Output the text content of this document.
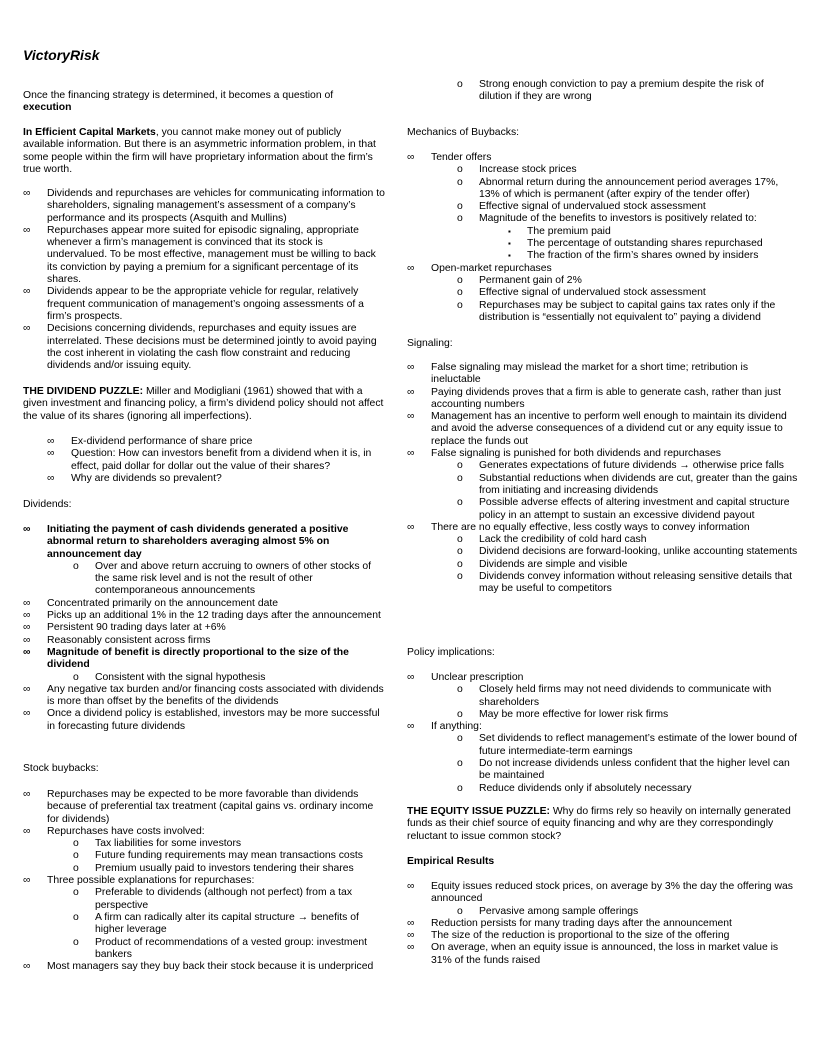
VictoryRisk
Once the financing strategy is determined, it becomes a question of
execution
In Efficient Capital Markets, you cannot make money out of publicly available information. But there is an asymmetric information problem, in that some people within the firm will have proprietary information about the firm’s true worth.
∞ Dividends and repurchases are vehicles for communicating information to shareholders, signaling management’s assessment of a company’s performance and its prospects (Asquith and Mullins)
∞ Repurchases appear more suited for episodic signaling, appropriate whenever a firm’s management is convinced that its stock is undervalued. To be most effective, management must be willing to back its conviction by paying a premium for a significant percentage of its shares.
∞ Dividends appear to be the appropriate vehicle for regular, relatively frequent communication of management’s ongoing assessments of a firm’s prospects.
∞ Decisions concerning dividends, repurchases and equity issues are interrelated. These decisions must be determined jointly to avoid paying the cost inherent in violating the cash flow constraint and reducing dividends and/or issuing equity.
THE DIVIDEND PUZZLE: Miller and Modigliani (1961) showed that with a given investment and financing policy, a firm’s dividend policy should not affect the value of its shares (ignoring all imperfections).
∞ Ex-dividend performance of share price
∞ Question: How can investors benefit from a dividend when it is, in effect, paid dollar for dollar out the value of their shares?
∞ Why are dividends so prevalent?
Dividends:
∞ Initiating the payment of cash dividends generated a positive abnormal return to shareholders averaging almost 5% on announcement day
o Over and above return accruing to owners of other stocks of the same risk level and is not the result of other contemporaneous announcements
∞ Concentrated primarily on the announcement date
∞ Picks up an additional 1% in the 12 trading days after the announcement
∞ Persistent 90 trading days later at +6%
∞ Reasonably consistent across firms
∞ Magnitude of benefit is directly proportional to the size of the dividend
o Consistent with the signal hypothesis
∞ Any negative tax burden and/or financing costs associated with dividends is more than offset by the benefits of the dividends
∞ Once a dividend policy is established, investors may be more successful in forecasting future dividends
Stock buybacks:
∞ Repurchases may be expected to be more favorable than dividends because of preferential tax treatment (capital gains vs. ordinary income for dividends)
∞ Repurchases have costs involved:
o Tax liabilities for some investors
o Future funding requirements may mean transactions costs
o Premium usually paid to investors tendering their shares
∞ Three possible explanations for repurchases:
o Preferable to dividends (although not perfect) from a tax perspective
o A firm can radically alter its capital structure → benefits of higher leverage
o Product of recommendations of a vested group: investment bankers
∞ Most managers say they buy back their stock because it is underpriced
o Strong enough conviction to pay a premium despite the risk of dilution if they are wrong
Mechanics of Buybacks:
∞ Tender offers
o Increase stock prices
o Abnormal return during the announcement period averages 17%, 13% of which is permanent (after expiry of the tender offer)
o Effective signal of undervalued stock assessment
o Magnitude of the benefits to investors is positively related to:
▪ The premium paid
▪ The percentage of outstanding shares repurchased
▪ The fraction of the firm’s shares owned by insiders
∞ Open-market repurchases
o Permanent gain of 2%
o Effective signal of undervalued stock assessment
o Repurchases may be subject to capital gains tax rates only if the distribution is “essentially not equivalent to” paying a dividend
Signaling:
∞ False signaling may mislead the market for a short time; retribution is ineluctable
∞ Paying dividends proves that a firm is able to generate cash, rather than just accounting numbers
∞ Management has an incentive to perform well enough to maintain its dividend and avoid the adverse consequences of a dividend cut or any equity issue to replace the funds out
∞ False signaling is punished for both dividends and repurchases
o Generates expectations of future dividends → otherwise price falls
o Substantial reductions when dividends are cut, greater than the gains from initiating and increasing dividends
o Possible adverse effects of altering investment and capital structure policy in an attempt to sustain an excessive dividend payout
∞ There are no equally effective, less costly ways to convey information
o Lack the credibility of cold hard cash
o Dividend decisions are forward-looking, unlike accounting statements
o Dividends are simple and visible
o Dividends convey information without releasing sensitive details that may be useful to competitors
Policy implications:
∞ Unclear prescription
o Closely held firms may not need dividends to communicate with shareholders
o May be more effective for lower risk firms
∞ If anything:
o Set dividends to reflect management’s estimate of the lower bound of future intermediate-term earnings
o Do not increase dividends unless confident that the higher level can be maintained
o Reduce dividends only if absolutely necessary
THE EQUITY ISSUE PUZZLE: Why do firms rely so heavily on internally generated funds as their chief source of equity financing and why are they correspondingly reluctant to issue common stock?
Empirical Results
∞ Equity issues reduced stock prices, on average by 3% the day the offering was announced
o Pervasive among sample offerings
∞ Reduction persists for many trading days after the announcement
∞ The size of the reduction is proportional to the size of the offering
∞ On average, when an equity issue is announced, the loss in market value is 31% of the funds raised
